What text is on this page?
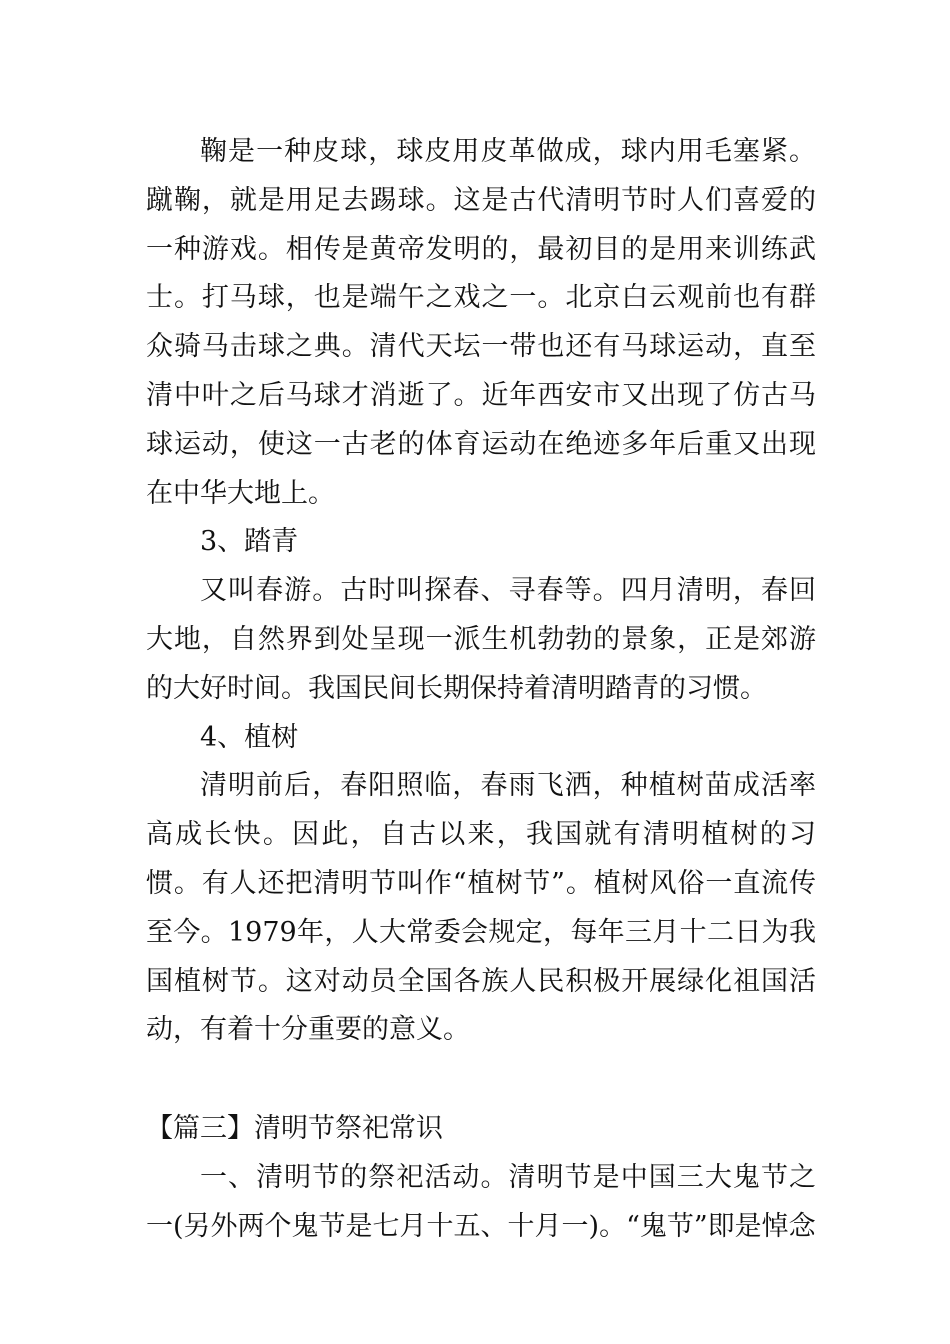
鞠是一种皮球，球皮用皮革做成，球内用毛塞紧。蹴鞠，就是用足去踢球。这是古代清明节时人们喜爱的一种游戏。相传是黄帝发明的，最初目的是用来训练武士。打马球，也是端午之戏之一。北京白云观前也有群众骑马击球之典。清代天坛一带也还有马球运动，直至清中叶之后马球才消逝了。近年西安市又出现了仿古马球运动，使这一古老的体育运动在绝迹多年后重又出现在中华大地上。

3、踏青

又叫春游。古时叫探春、寻春等。四月清明，春回大地，自然界到处呈现一派生机勃勃的景象，正是郊游的大好时间。我国民间长期保持着清明踏青的习惯。

4、植树

清明前后，春阳照临，春雨飞洒，种植树苗成活率高成长快。因此，自古以来，我国就有清明植树的习惯。有人还把清明节叫作“植树节”。植树风俗一直流传至今。1979年，人大常委会规定，每年三月十二日为我国植树节。这对动员全国各族人民积极开展绿化祖国活动，有着十分重要的意义。

【篇三】清明节祭祀常识

一、清明节的祭祀活动。清明节是中国三大鬼节之一(另外两个鬼节是七月十五、十月一)。“鬼节”即是悼念
